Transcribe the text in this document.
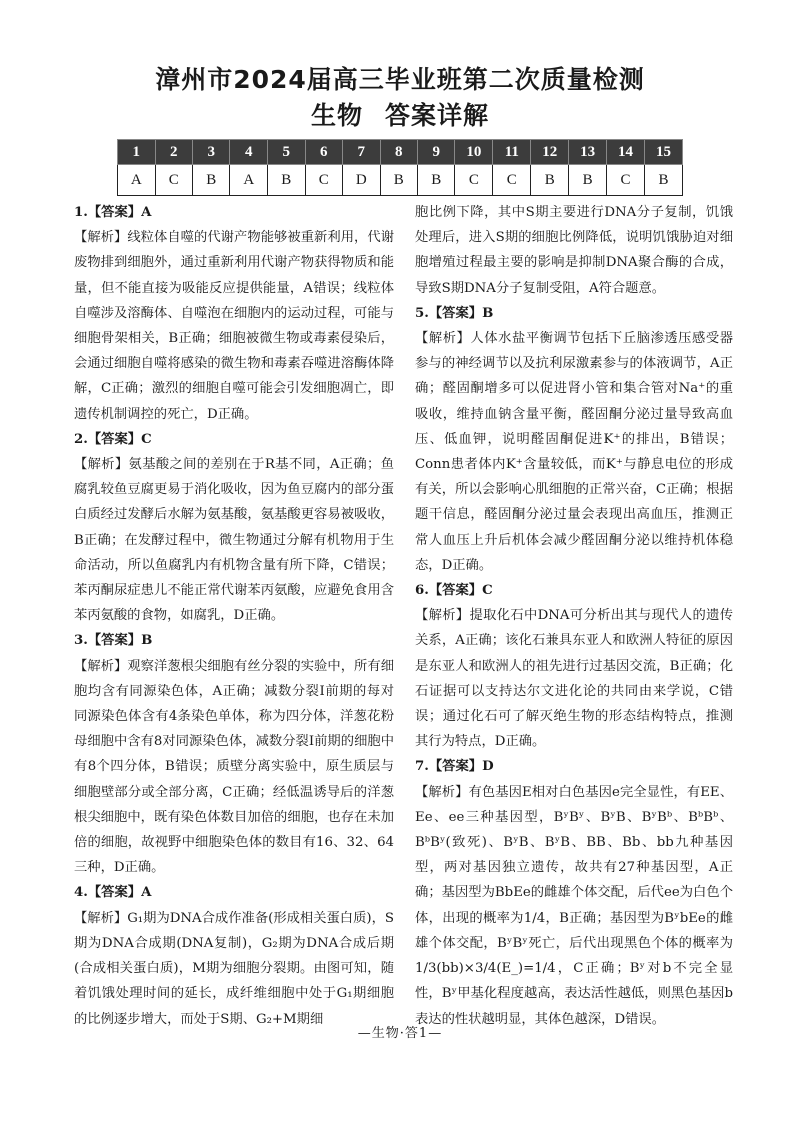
漳州市2024届高三毕业班第二次质量检测
生物 答案详解
1	2	3	4	5	6	7	8	9	10	11	12	13	14	15
A	C	B	A	B	C	D	B	B	C	C	B	B	C	B

1.【答案】A

【解析】线粒体自噬的代谢产物能够被重新利用，代谢废物排到细胞外，通过重新利用代谢产物获得物质和能量，但不能直接为吸能反应提供能量，A错误；线粒体自噬涉及溶酶体、自噬泡在细胞内的运动过程，可能与细胞骨架相关，B正确；细胞被微生物或毒素侵染后，会通过细胞自噬将感染的微生物和毒素吞噬进溶酶体降解，C正确；激烈的细胞自噬可能会引发细胞凋亡，即遗传机制调控的死亡，D正确。

2.【答案】C

【解析】氨基酸之间的差别在于R基不同，A正确；鱼腐乳较鱼豆腐更易于消化吸收，因为鱼豆腐内的部分蛋白质经过发酵后水解为氨基酸，氨基酸更容易被吸收，B正确；在发酵过程中，微生物通过分解有机物用于生命活动，所以鱼腐乳内有机物含量有所下降，C错误；苯丙酮尿症患儿不能正常代谢苯丙氨酸，应避免食用含苯丙氨酸的食物，如腐乳，D正确。

3.【答案】B

【解析】观察洋葱根尖细胞有丝分裂的实验中，所有细胞均含有同源染色体，A正确；减数分裂Ⅰ前期的每对同源染色体含有4条染色单体，称为四分体，洋葱花粉母细胞中含有8对同源染色体，减数分裂Ⅰ前期的细胞中有8个四分体，B错误；质壁分离实验中，原生质层与细胞壁部分或全部分离，C正确；经低温诱导后的洋葱根尖细胞中，既有染色体数目加倍的细胞，也存在未加倍的细胞，故视野中细胞染色体的数目有16、32、64三种，D正确。

4.【答案】A

【解析】G₁期为DNA合成作准备(形成相关蛋白质)，S期为DNA合成期(DNA复制)，G₂期为DNA合成后期(合成相关蛋白质)，M期为细胞分裂期。由图可知，随着饥饿处理时间的延长，成纤维细胞中处于G₁期细胞的比例逐步增大，而处于S期、G₂+M期细

胞比例下降，其中S期主要进行DNA分子复制，饥饿处理后，进入S期的细胞比例降低，说明饥饿胁迫对细胞增殖过程最主要的影响是抑制DNA聚合酶的合成，导致S期DNA分子复制受阻，A符合题意。

5.【答案】B

【解析】人体水盐平衡调节包括下丘脑渗透压感受器参与的神经调节以及抗利尿激素参与的体液调节，A正确；醛固酮增多可以促进肾小管和集合管对Na⁺的重吸收，维持血钠含量平衡，醛固酮分泌过量导致高血压、低血钾，说明醛固酮促进K⁺的排出，B错误；Conn患者体内K⁺含量较低，而K⁺与静息电位的形成有关，所以会影响心肌细胞的正常兴奋，C正确；根据题干信息，醛固酮分泌过量会表现出高血压，推测正常人血压上升后机体会减少醛固酮分泌以维持机体稳态，D正确。

6.【答案】C

【解析】提取化石中DNA可分析出其与现代人的遗传关系，A正确；该化石兼具东亚人和欧洲人特征的原因是东亚人和欧洲人的祖先进行过基因交流，B正确；化石证据可以支持达尔文进化论的共同由来学说，C错误；通过化石可了解灭绝生物的形态结构特点，推测其行为特点，D正确。

7.【答案】D

【解析】有色基因E相对白色基因e完全显性，有EE、Ee、ee三种基因型，BʸBʸ、BʸB、BʸBᵇ、BᵇBᵇ、BᵇBʸ(致死)、BʸB、BʸB、BB、Bb、bb九种基因型，两对基因独立遗传，故共有27种基因型，A正确；基因型为BbEe的雌雄个体交配，后代ee为白色个体，出现的概率为1/4，B正确；基因型为BʸbEe的雌雄个体交配，BʸBʸ死亡，后代出现黑色个体的概率为1/3(bb)×3/4(E_)=1/4，C正确；Bʸ对b不完全显性，Bʸ甲基化程度越高，表达活性越低，则黑色基因b表达的性状越明显，其体色越深，D错误。

—生物·答1—
